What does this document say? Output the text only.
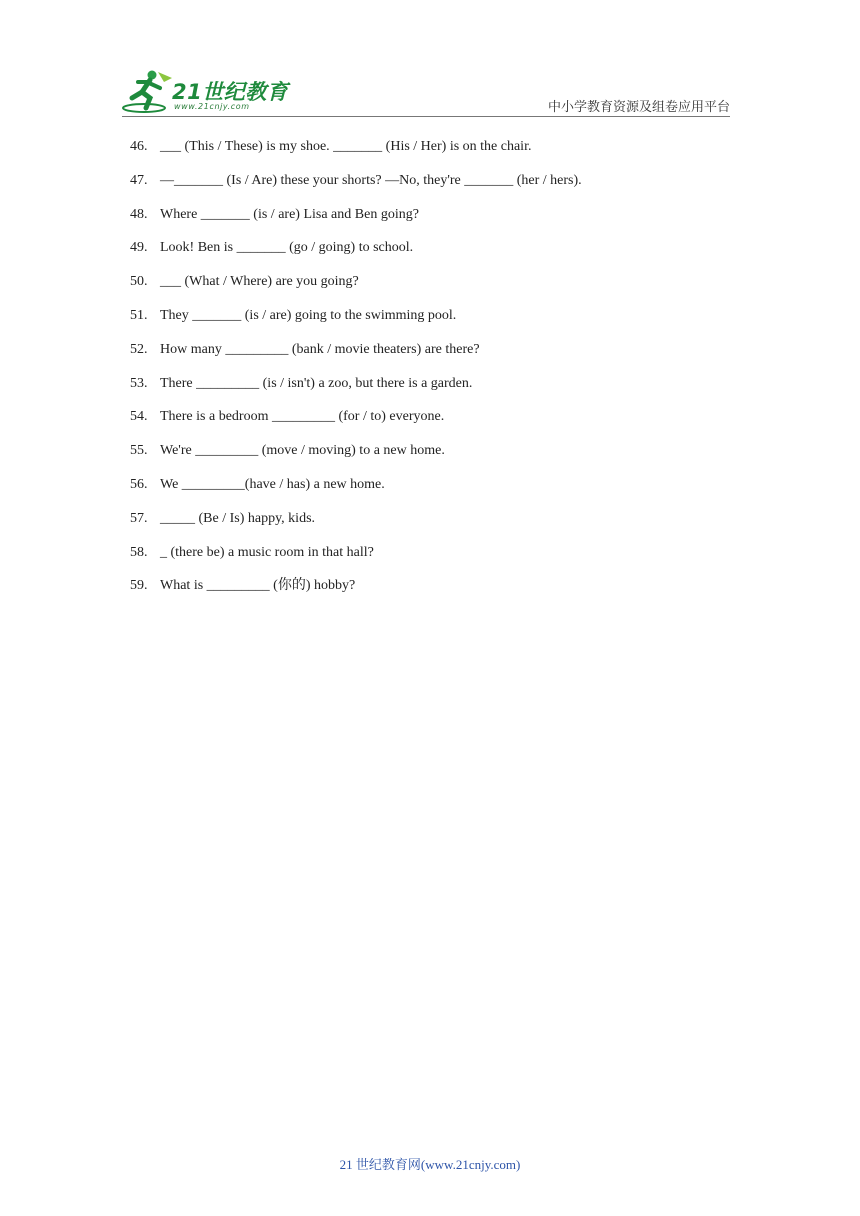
21世纪教育
www.21cnjy.com	中小学教育资源及组卷应用平台
46. ___ (This / These) is my shoe. _______ (His / Her) is on the chair.
47. —_______ (Is / Are) these your shorts? —No, they're _______ (her / hers).
48. Where _______ (is / are) Lisa and Ben going?
49. Look! Ben is _______ (go / going) to school.
50. ___ (What / Where) are you going?
51. They _______ (is / are) going to the swimming pool.
52. How many _________ (bank / movie theaters) are there?
53. There _________ (is / isn't) a zoo, but there is a garden.
54. There is a bedroom _________ (for / to) everyone.
55. We're _________ (move / moving) to a new home.
56. We _________(have / has) a new home.
57. _____ (Be / Is) happy, kids.
58. _ (there be) a music room in that hall?
59. What is _________ (你的) hobby?
21 世纪教育网(www.21cnjy.com)
